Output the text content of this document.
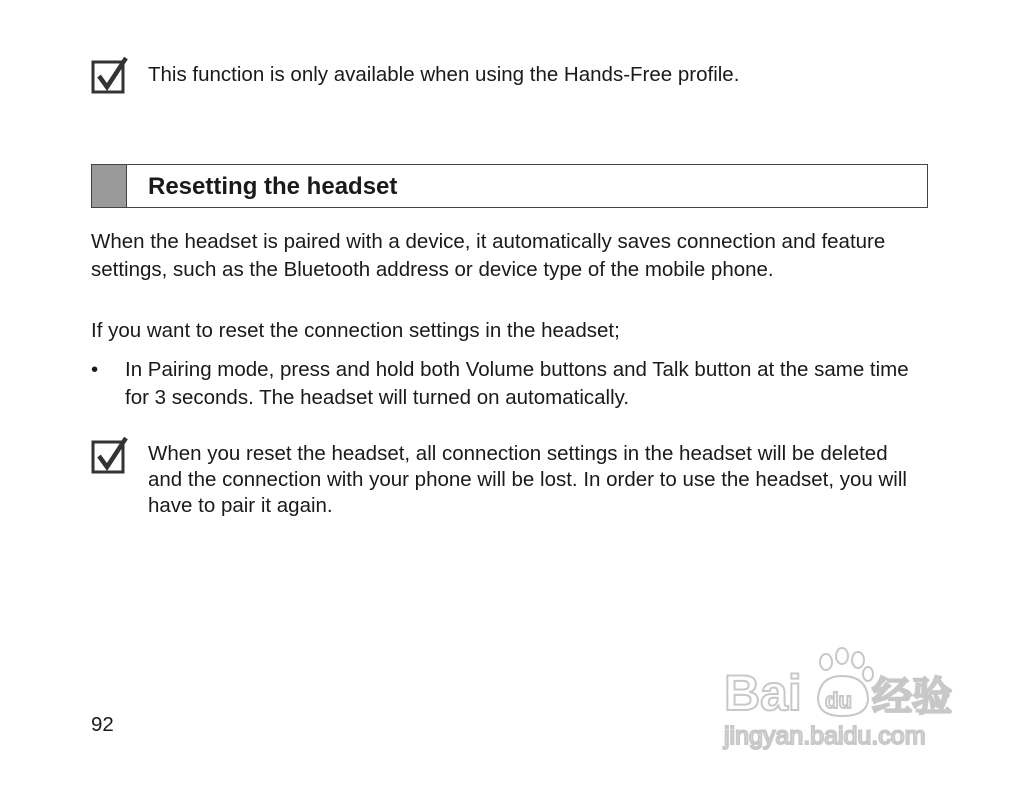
This function is only available when using the Hands-Free profile.

Resetting the headset

When the headset is paired with a device, it automatically saves connection and feature settings, such as the Bluetooth address or device type of the mobile phone.

If you want to reset the connection settings in the headset;

• In Pairing mode, press and hold both Volume buttons and Talk button at the same time for 3 seconds. The headset will turned on automatically.

When you reset the headset, all connection settings in the headset will be deleted and the connection with your phone will be lost. In order to use the headset, you will have to pair it again.

92

Bai du 经验
jingyan.baidu.com
